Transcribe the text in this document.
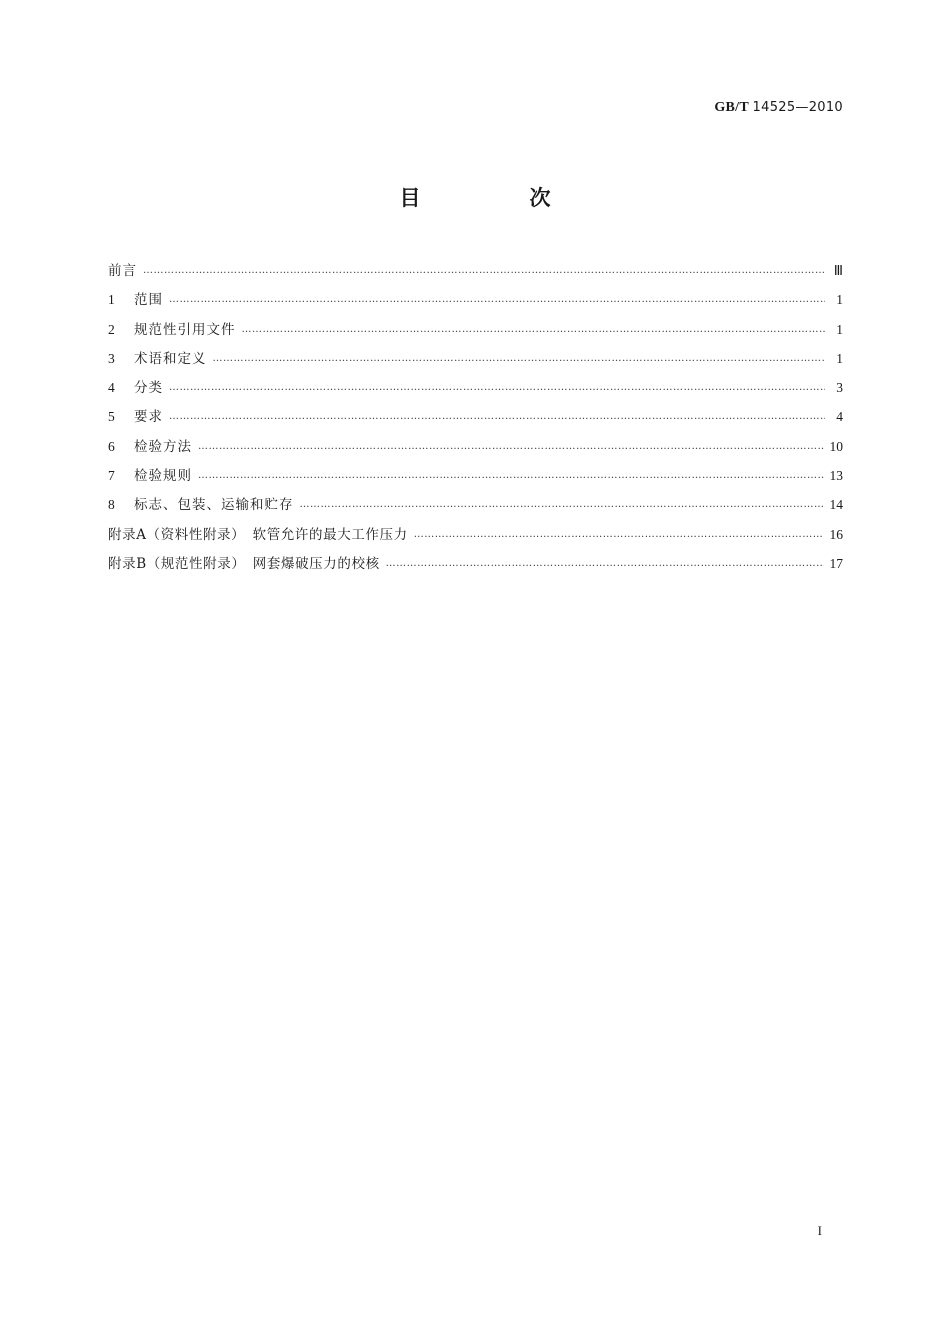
GB/T 14525—2010
目　次
前言 ……………………………………………………………………………………………………………………………………………………………………………………………………………………	Ⅲ
1	范围 ……………………………………………………………………………………………………………………………………………………………………………………………………………………	1
2	规范性引用文件 ……………………………………………………………………………………………………………………………………………………………………………………………………………………	1
3	术语和定义 ……………………………………………………………………………………………………………………………………………………………………………………………………………………	1
4	分类 ……………………………………………………………………………………………………………………………………………………………………………………………………………………	3
5	要求 ……………………………………………………………………………………………………………………………………………………………………………………………………………………	4
6	检验方法 ……………………………………………………………………………………………………………………………………………………………………………………………………………………	10
7	检验规则 ……………………………………………………………………………………………………………………………………………………………………………………………………………………	13
8	标志、包装、运输和贮存 ……………………………………………………………………………………………………………………………………………………………………………………………………………………	14
附录A（资料性附录）　软管允许的最大工作压力 ……………………………………………………………………………………………………………………………………………………………………………………………………………………	16
附录B（规范性附录）　网套爆破压力的校核 ……………………………………………………………………………………………………………………………………………………………………………………………………………………	17
I
